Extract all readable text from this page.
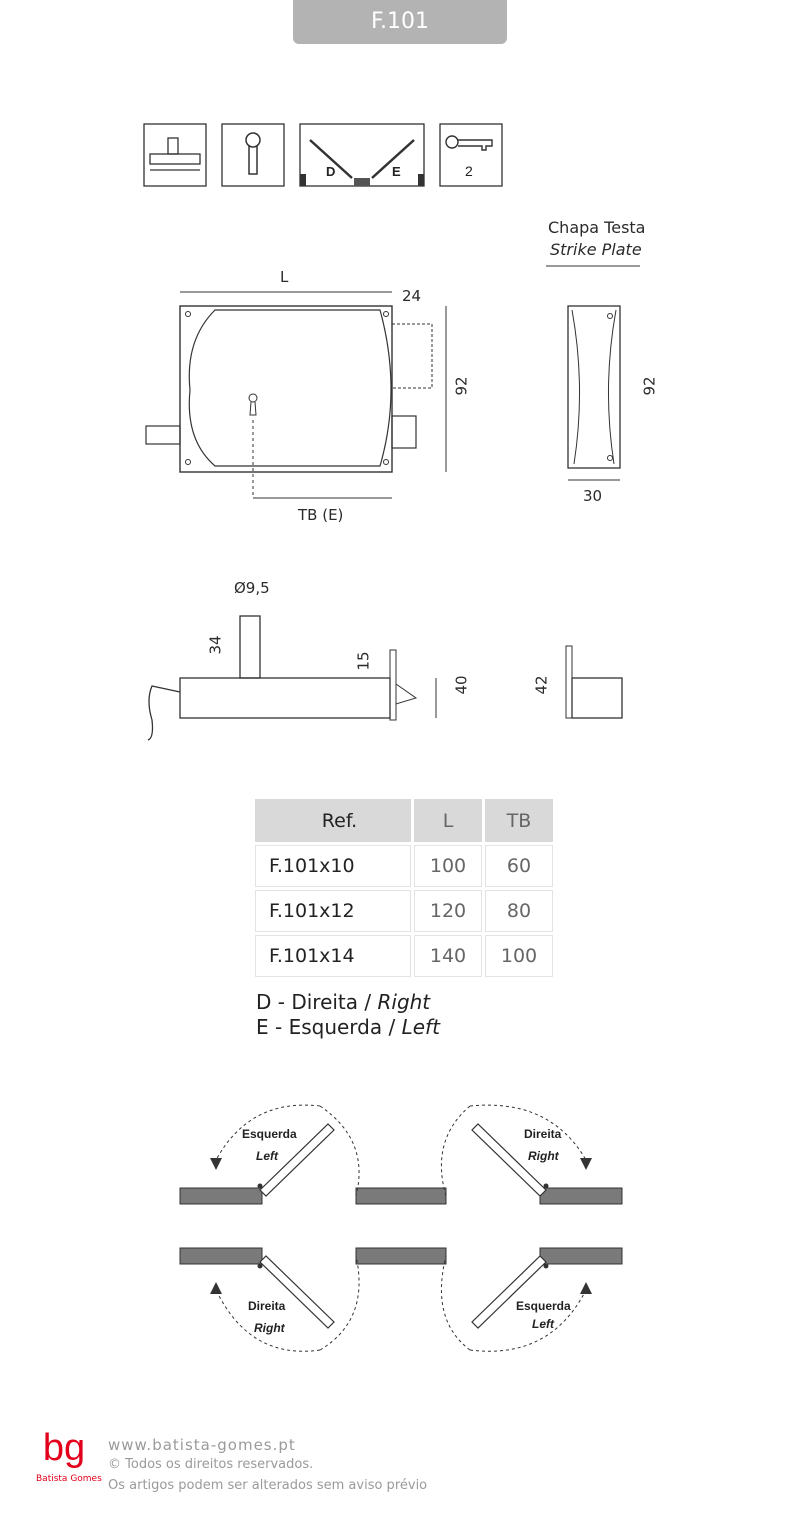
F.101
D	E	2
L
24
92
TB (E)
Chapa Testa
Strike Plate
92
30
Ø9,5
34
15
40	42
Ref.	L	TB
F.101x10	100	60
F.101x12	120	80
F.101x14	140	100
D - Direita / Right
E - Esquerda / Left
Esquerda
Left
Direita
Right
Direita
Right
Esquerda
Left
bg
Batista Gomes
www.batista-gomes.pt
© Todos os direitos reservados.
Os artigos podem ser alterados sem aviso prévio
